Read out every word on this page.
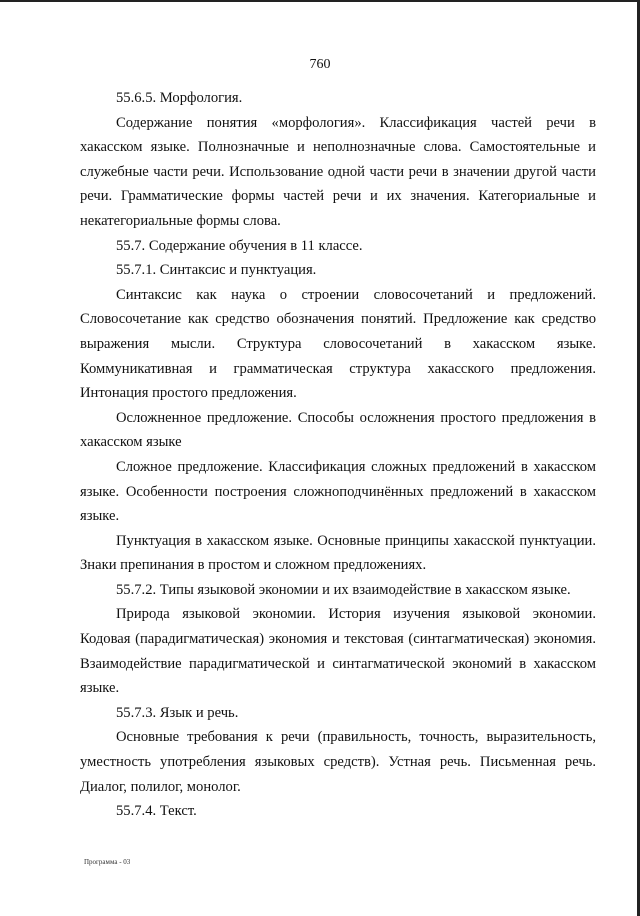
760

55.6.5. Морфология.

Содержание понятия «морфология». Классификация частей речи в хакасском языке. Полнозначные и неполнозначные слова. Самостоятельные и служебные части речи. Использование одной части речи в значении другой части речи. Грамматические формы частей речи и их значения. Категориальные и некатегориальные формы слова.

55.7. Содержание обучения в 11 классе.

55.7.1. Синтаксис и пунктуация.

Синтаксис как наука о строении словосочетаний и предложений. Словосочетание как средство обозначения понятий. Предложение как средство выражения мысли. Структура словосочетаний в хакасском языке. Коммуникативная и грамматическая структура хакасского предложения. Интонация простого предложения.

Осложненное предложение. Способы осложнения простого предложения в хакасском языке

Сложное предложение. Классификация сложных предложений в хакасском языке. Особенности построения сложноподчинённых предложений в хакасском языке.

Пунктуация в хакасском языке. Основные принципы хакасской пунктуации. Знаки препинания в простом и сложном предложениях.

55.7.2. Типы языковой экономии и их взаимодействие в хакасском языке.

Природа языковой экономии. История изучения языковой экономии. Кодовая (парадигматическая) экономия и текстовая (синтагматическая) экономия. Взаимодействие парадигматической и синтагматической экономий в хакасском языке.

55.7.3. Язык и речь.

Основные требования к речи (правильность, точность, выразительность, уместность употребления языковых средств). Устная речь. Письменная речь. Диалог, полилог, монолог.

55.7.4. Текст.

Программа - 03
